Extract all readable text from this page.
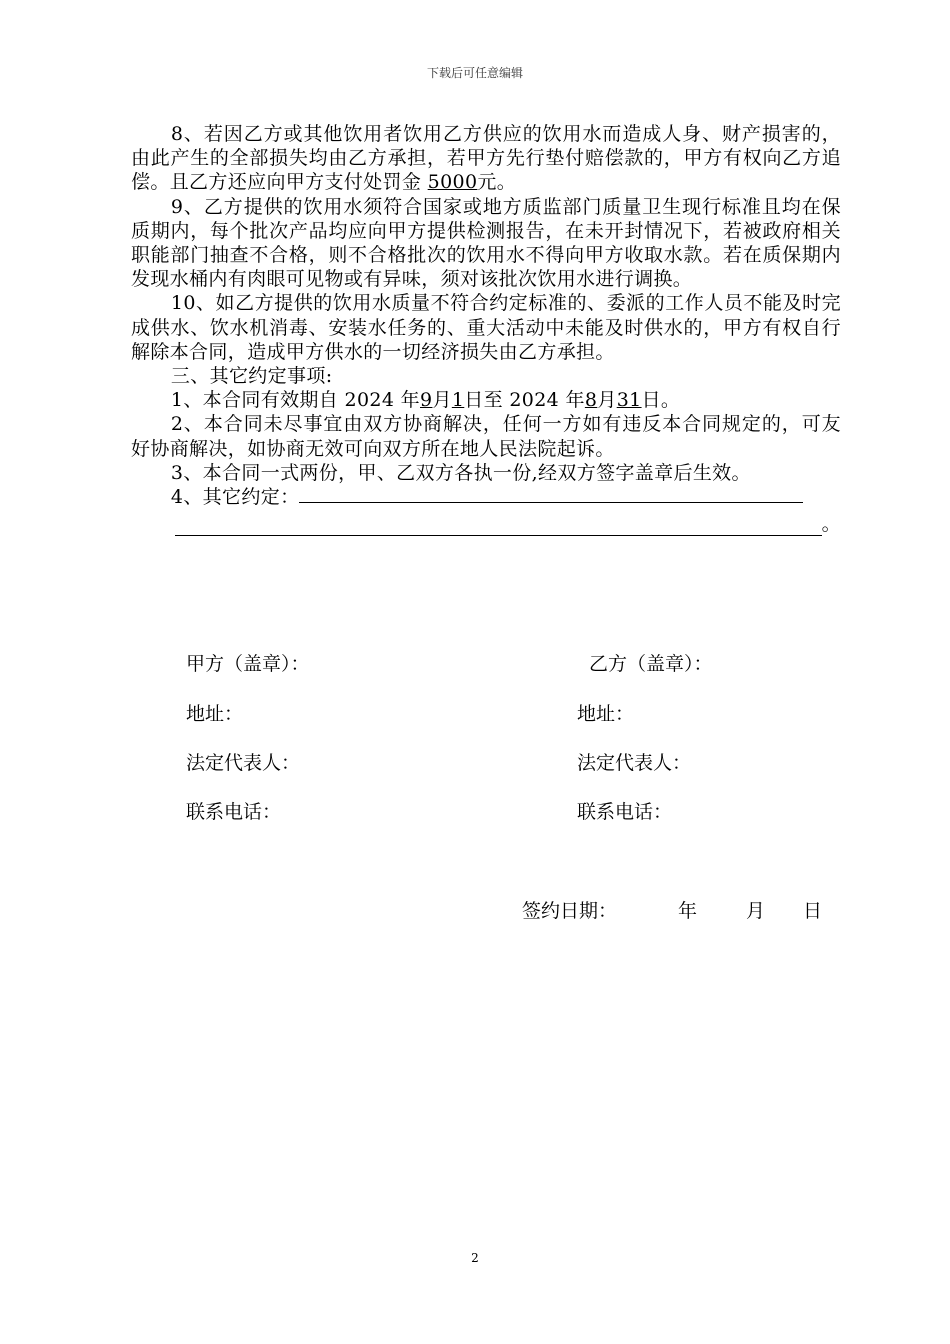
下载后可任意编辑

8、若因乙方或其他饮用者饮用乙方供应的饮用水而造成人身、财产损害的，由此产生的全部损失均由乙方承担，若甲方先行垫付赔偿款的，甲方有权向乙方追偿。且乙方还应向甲方支付处罚金 5000元。

9、乙方提供的饮用水须符合国家或地方质监部门质量卫生现行标准且均在保质期内，每个批次产品均应向甲方提供检测报告，在未开封情况下，若被政府相关职能部门抽查不合格，则不合格批次的饮用水不得向甲方收取水款。若在质保期内发现水桶内有肉眼可见物或有异味，须对该批次饮用水进行调换。

10、如乙方提供的饮用水质量不符合约定标准的、委派的工作人员不能及时完成供水、饮水机消毒、安装水任务的、重大活动中未能及时供水的，甲方有权自行解除本合同，造成甲方供水的一切经济损失由乙方承担。

三、其它约定事项:

1、本合同有效期自 2024 年9月1日至 2024 年8月31日。

2、本合同未尽事宜由双方协商解决，任何一方如有违反本合同规定的，可友好协商解决，如协商无效可向双方所在地人民法院起诉。

3、本合同一式两份，甲、乙双方各执一份,经双方签字盖章后生效。

4、其它约定：

。
甲方（盖章）：	乙方（盖章）：
地址：	地址：
法定代表人：	法定代表人：
联系电话：	联系电话：
签约日期：	年	月 日
2
